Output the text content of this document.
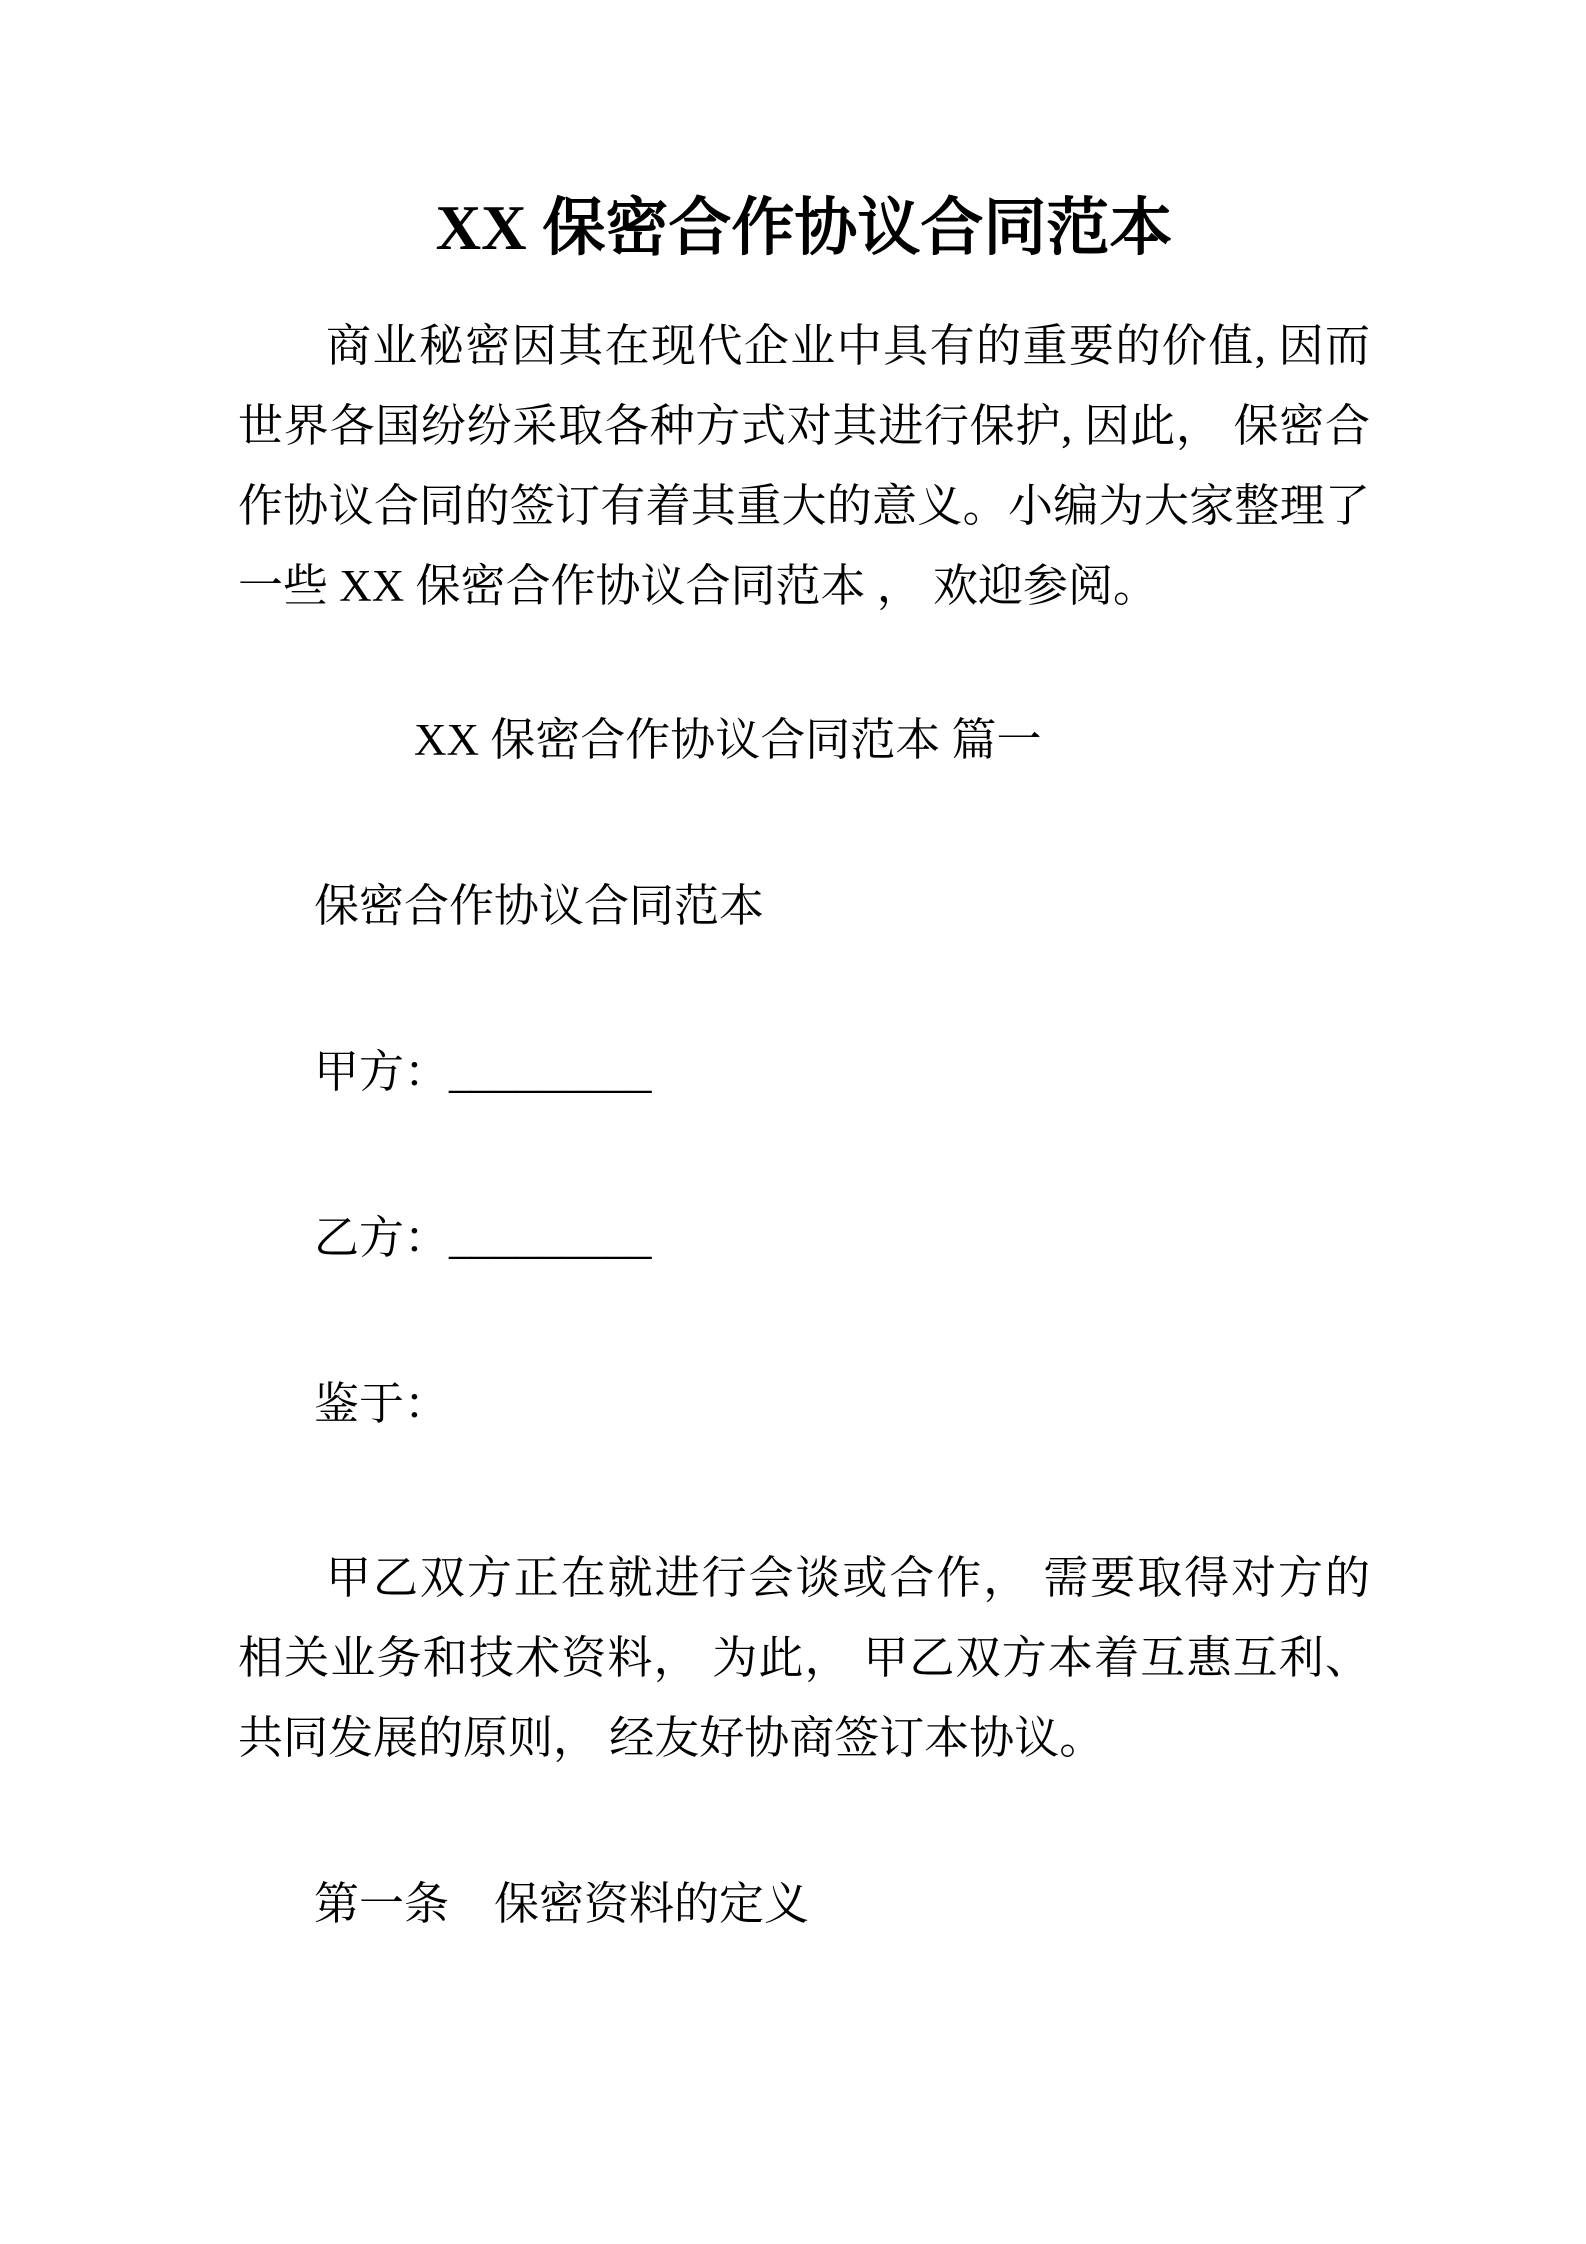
XX 保密合作协议合同范本

商业秘密因其在现代企业中具有的重要的价值, 因而世界各国纷纷采取各种方式对其进行保护, 因此， 保密合作协议合同的签订有着其重大的意义。小编为大家整理了一些 XX 保密合作协议合同范本 ， 欢迎参阅。

XX 保密合作协议合同范本 篇一

保密合作协议合同范本

甲方：_________

乙方：_________

鉴于：

甲乙双方正在就进行会谈或合作， 需要取得对方的相关业务和技术资料， 为此， 甲乙双方本着互惠互利、 共同发展的原则， 经友好协商签订本协议。

第一条　保密资料的定义
